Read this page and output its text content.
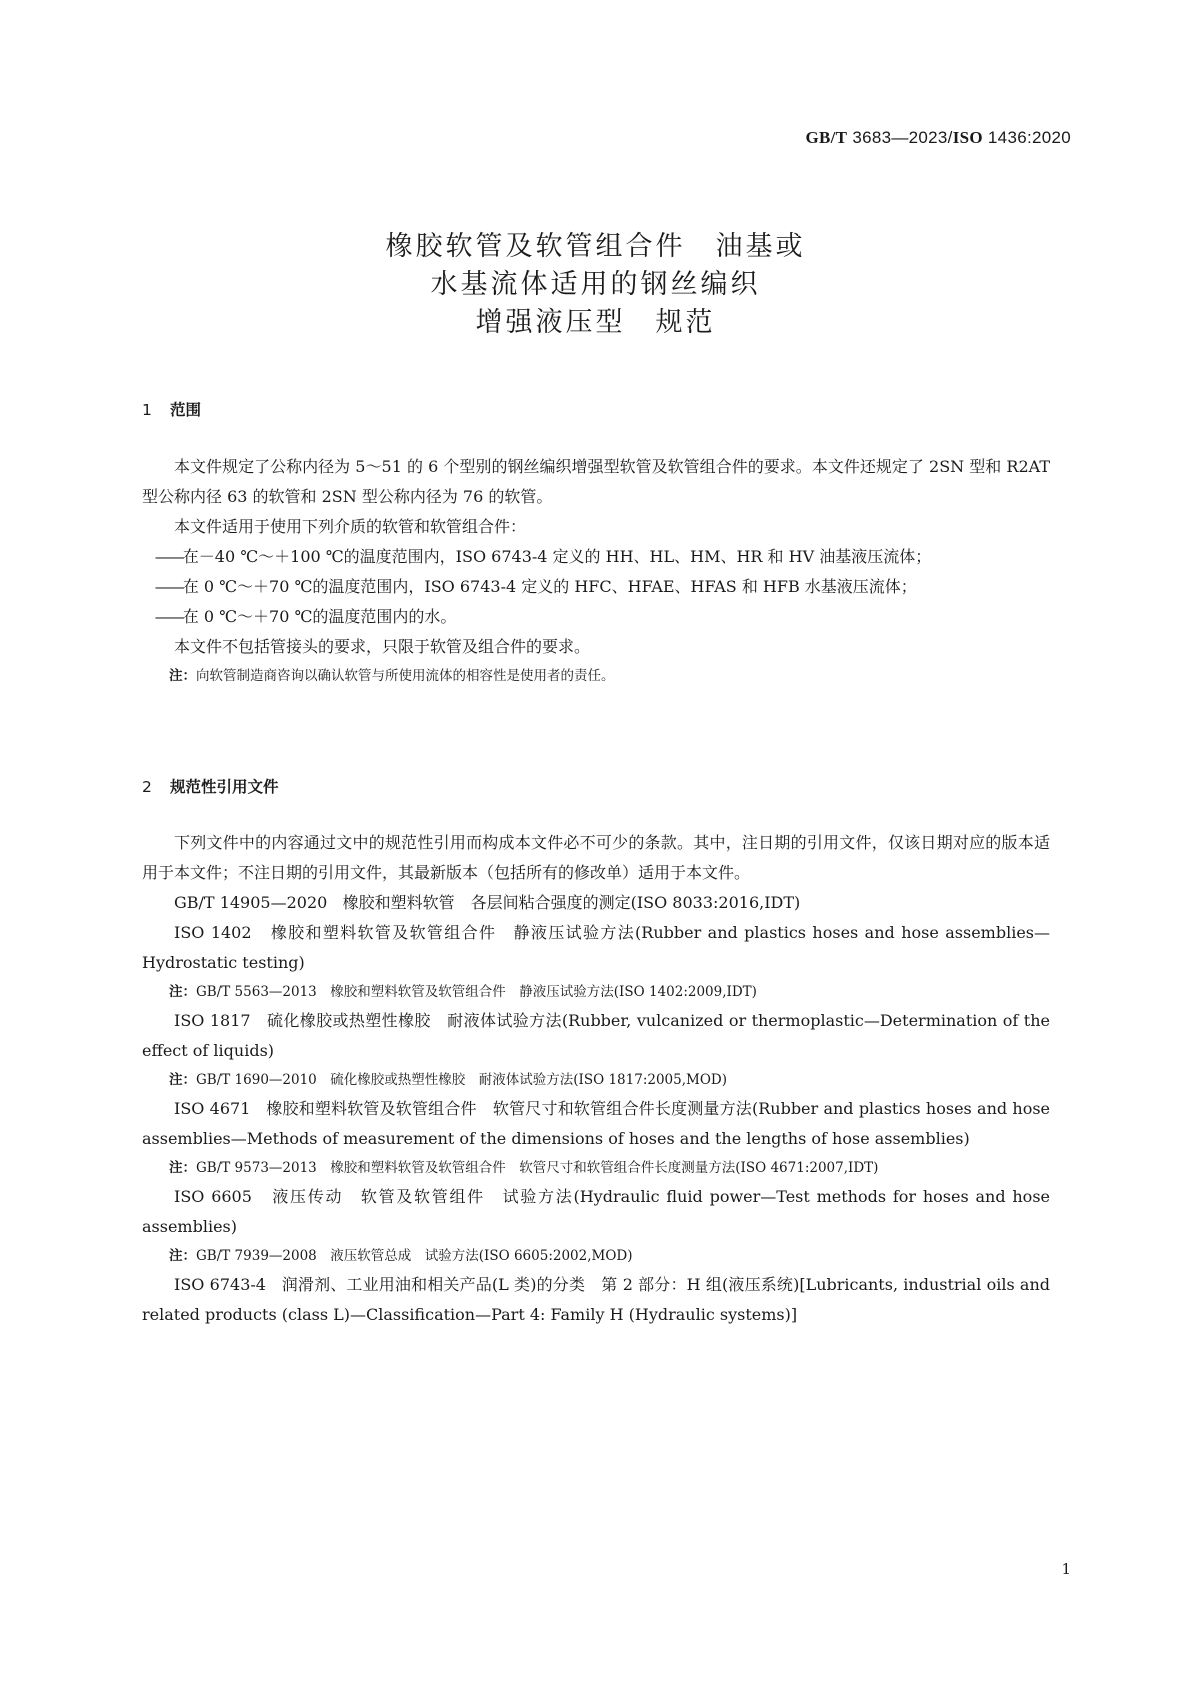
GB/T 3683—2023/ISO 1436:2020
橡胶软管及软管组合件　油基或
水基流体适用的钢丝编织
增强液压型　规范
1 范围

本文件规定了公称内径为 5～51 的 6 个型别的钢丝编织增强型软管及软管组合件的要求。本文件还规定了 2SN 型和 R2AT 型公称内径 63 的软管和 2SN 型公称内径为 76 的软管。

本文件适用于使用下列介质的软管和软管组合件：

——在－40 ℃～＋100 ℃的温度范围内，ISO 6743-4 定义的 HH、HL、HM、HR 和 HV 油基液压流体；

——在 0 ℃～＋70 ℃的温度范围内，ISO 6743-4 定义的 HFC、HFAE、HFAS 和 HFB 水基液压流体；

——在 0 ℃～＋70 ℃的温度范围内的水。

本文件不包括管接头的要求，只限于软管及组合件的要求。

注：向软管制造商咨询以确认软管与所使用流体的相容性是使用者的责任。

2 规范性引用文件

下列文件中的内容通过文中的规范性引用而构成本文件必不可少的条款。其中，注日期的引用文件，仅该日期对应的版本适用于本文件；不注日期的引用文件，其最新版本（包括所有的修改单）适用于本文件。

GB/T 14905—2020 橡胶和塑料软管　各层间粘合强度的测定(ISO 8033:2016,IDT)

ISO 1402 橡胶和塑料软管及软管组合件　静液压试验方法(Rubber and plastics hoses and hose assemblies—Hydrostatic testing)

注：GB/T 5563—2013　橡胶和塑料软管及软管组合件　静液压试验方法(ISO 1402:2009,IDT)

ISO 1817 硫化橡胶或热塑性橡胶　耐液体试验方法(Rubber, vulcanized or thermoplastic—Determination of the effect of liquids)

注：GB/T 1690—2010　硫化橡胶或热塑性橡胶　耐液体试验方法(ISO 1817:2005,MOD)

ISO 4671 橡胶和塑料软管及软管组合件　软管尺寸和软管组合件长度测量方法(Rubber and plastics hoses and hose assemblies—Methods of measurement of the dimensions of hoses and the lengths of hose assemblies)

注：GB/T 9573—2013　橡胶和塑料软管及软管组合件　软管尺寸和软管组合件长度测量方法(ISO 4671:2007,IDT)

ISO 6605 液压传动　软管及软管组件　试验方法(Hydraulic fluid power—Test methods for hoses and hose assemblies)

注：GB/T 7939—2008　液压软管总成　试验方法(ISO 6605:2002,MOD)

ISO 6743-4 润滑剂、工业用油和相关产品(L 类)的分类　第 2 部分：H 组(液压系统)[Lubricants, industrial oils and related products (class L)—Classification—Part 4: Family H (Hydraulic systems)]

1
